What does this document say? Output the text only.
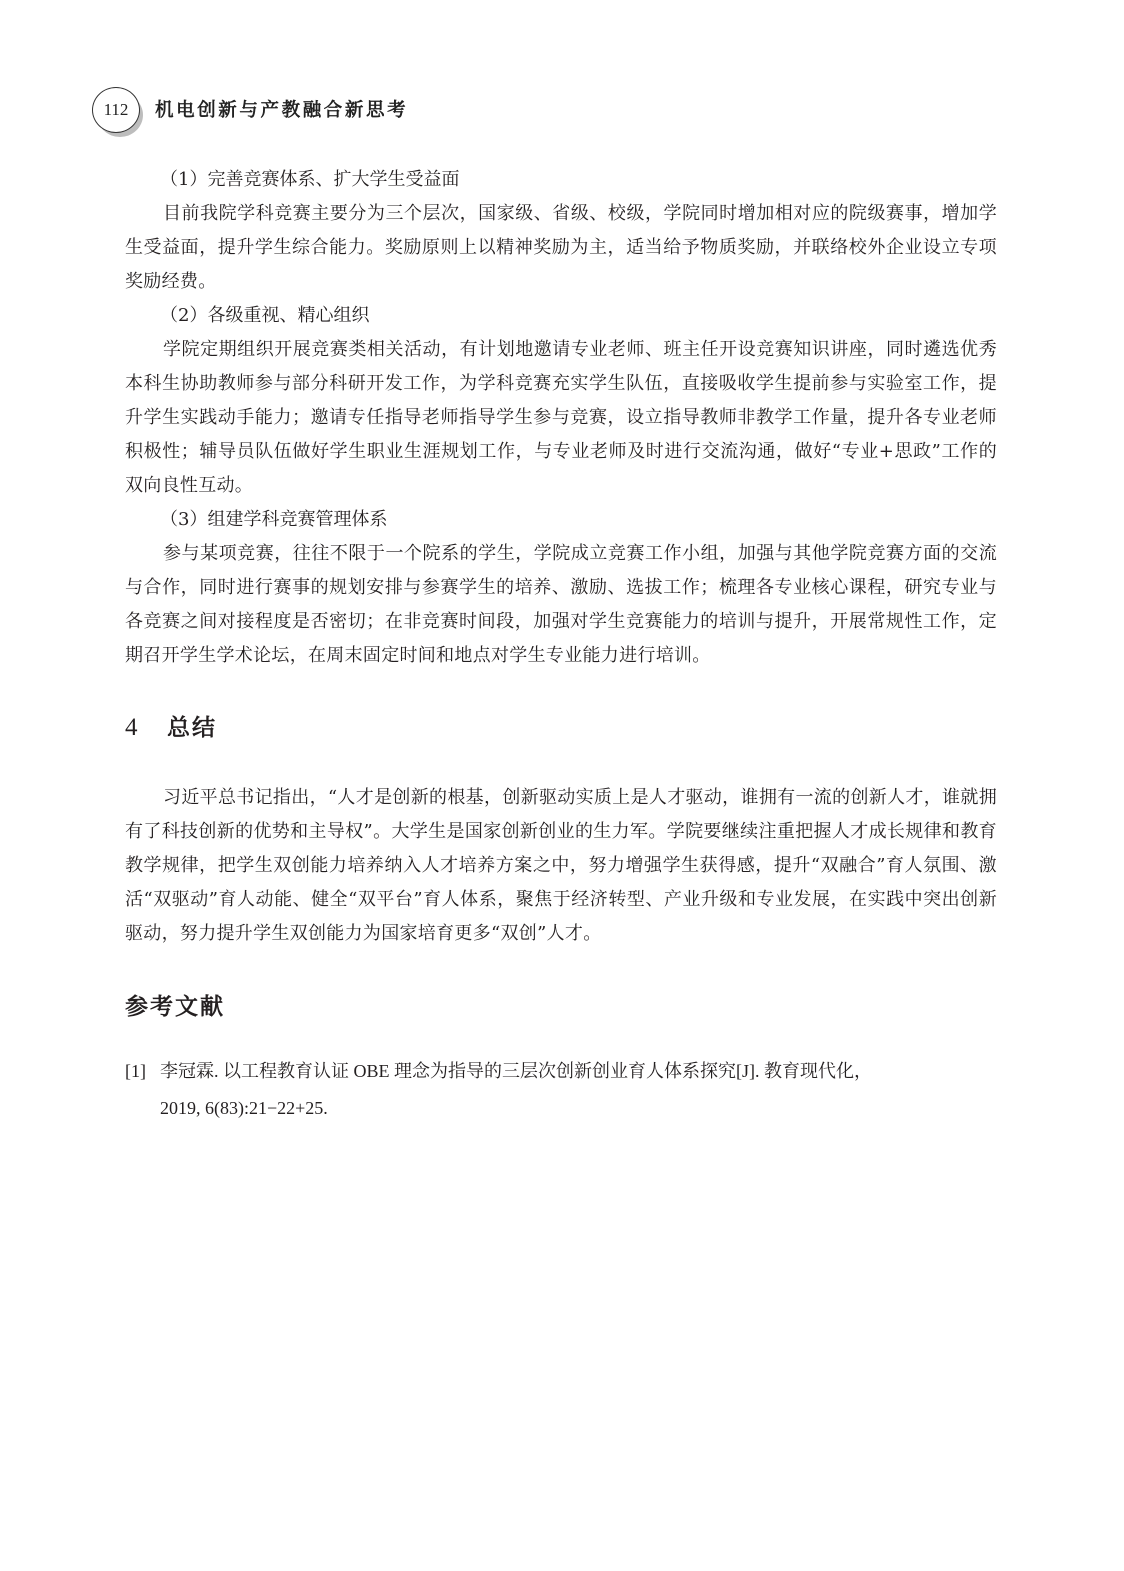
112	机电创新与产教融合新思考

（1）完善竞赛体系、扩大学生受益面

目前我院学科竞赛主要分为三个层次，国家级、省级、校级，学院同时增加相对应的院级赛事，增加学生受益面，提升学生综合能力。奖励原则上以精神奖励为主，适当给予物质奖励，并联络校外企业设立专项奖励经费。

（2）各级重视、精心组织

学院定期组织开展竞赛类相关活动，有计划地邀请专业老师、班主任开设竞赛知识讲座，同时遴选优秀本科生协助教师参与部分科研开发工作，为学科竞赛充实学生队伍，直接吸收学生提前参与实验室工作，提升学生实践动手能力；邀请专任指导老师指导学生参与竞赛，设立指导教师非教学工作量，提升各专业老师积极性；辅导员队伍做好学生职业生涯规划工作，与专业老师及时进行交流沟通，做好“专业+思政”工作的双向良性互动。

（3）组建学科竞赛管理体系

参与某项竞赛，往往不限于一个院系的学生，学院成立竞赛工作小组，加强与其他学院竞赛方面的交流与合作，同时进行赛事的规划安排与参赛学生的培养、激励、选拔工作；梳理各专业核心课程，研究专业与各竞赛之间对接程度是否密切；在非竞赛时间段，加强对学生竞赛能力的培训与提升，开展常规性工作，定期召开学生学术论坛，在周末固定时间和地点对学生专业能力进行培训。

4 总结

习近平总书记指出，“人才是创新的根基，创新驱动实质上是人才驱动，谁拥有一流的创新人才，谁就拥有了科技创新的优势和主导权”。大学生是国家创新创业的生力军。学院要继续注重把握人才成长规律和教育教学规律，把学生双创能力培养纳入人才培养方案之中，努力增强学生获得感，提升“双融合”育人氛围、激活“双驱动”育人动能、健全“双平台”育人体系，聚焦于经济转型、产业升级和专业发展，在实践中突出创新驱动，努力提升学生双创能力为国家培育更多“双创”人才。

参考文献
[1] 李冠霖. 以工程教育认证 OBE 理念为指导的三层次创新创业育人体系探究[J]. 教育现代化，
2019, 6(83):21−22+25.
